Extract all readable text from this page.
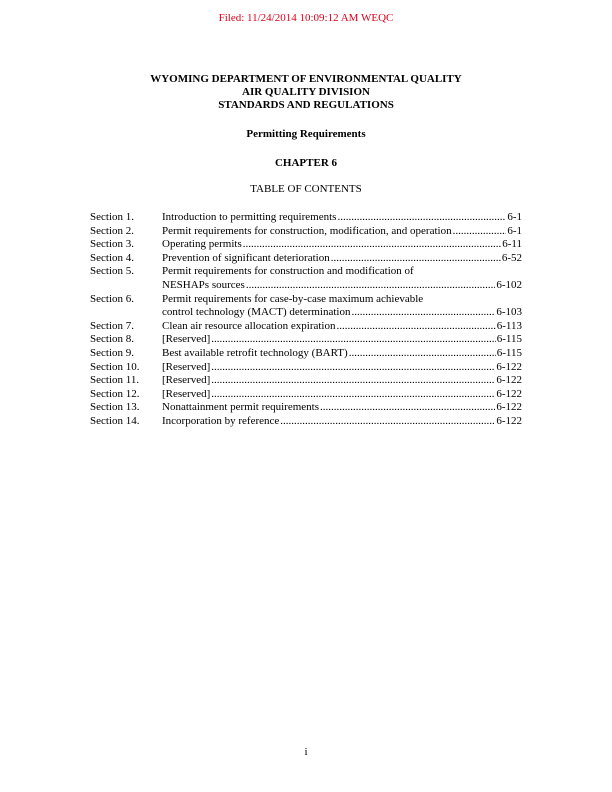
Filed: 11/24/2014 10:09:12 AM WEQC
WYOMING DEPARTMENT OF ENVIRONMENTAL QUALITY
AIR QUALITY DIVISION
STANDARDS AND REGULATIONS
Permitting Requirements
CHAPTER 6
TABLE OF CONTENTS
Section 1.	Introduction to permitting requirements .....	6-1
Section 2.	Permit requirements for construction, modification, and operation .....	6-1
Section 3.	Operating permits .....	6-11
Section 4.	Prevention of significant deterioration .....	6-52
Section 5.	Permit requirements for construction and modification of
NESHAPs sources .....	6-102
Section 6.	Permit requirements for case-by-case maximum achievable
control technology (MACT) determination .....	6-103
Section 7.	Clean air resource allocation expiration .....	6-113
Section 8.	[Reserved] .....	6-115
Section 9.	Best available retrofit technology (BART) .....	6-115
Section 10.	[Reserved] .....	6-122
Section 11.	[Reserved] .....	6-122
Section 12.	[Reserved] .....	6-122
Section 13.	Nonattainment permit requirements .....	6-122
Section 14.	Incorporation by reference .....	6-122
i
